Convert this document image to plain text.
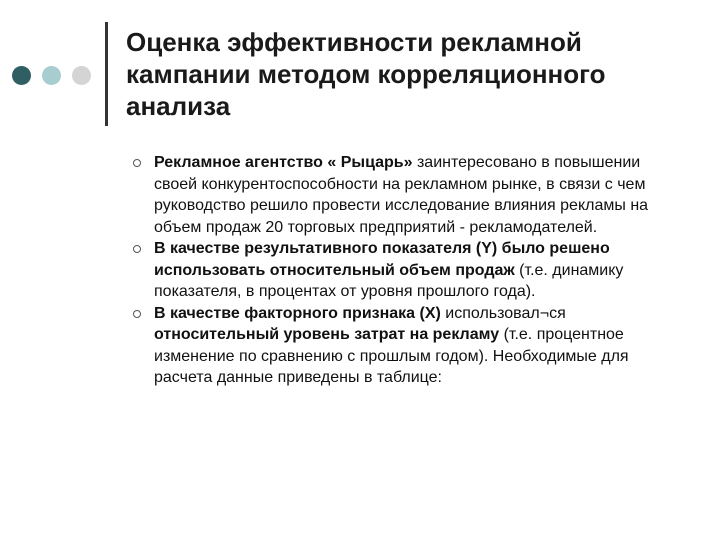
Оценка эффективности рекламной кампании методом корреляционного анализа
Рекламное агентство « Рыцарь» заинтересовано в повышении своей конкурентоспособности на рекламном рынке, в связи с чем руководство решило провести исследование влияния рекламы на объем продаж 20 торговых предприятий - рекламодателей.
В качестве результативного показателя (Y) было решено использовать относительный объем продаж (т.е. динамику показателя, в процентах от уровня прошлого года).
В качестве факторного признака (X) использовал¬ся относительный уровень затрат на рекламу (т.е. процентное изменение по сравнению с прошлым годом). Необходимые для расчета данные приведены в таблице:
